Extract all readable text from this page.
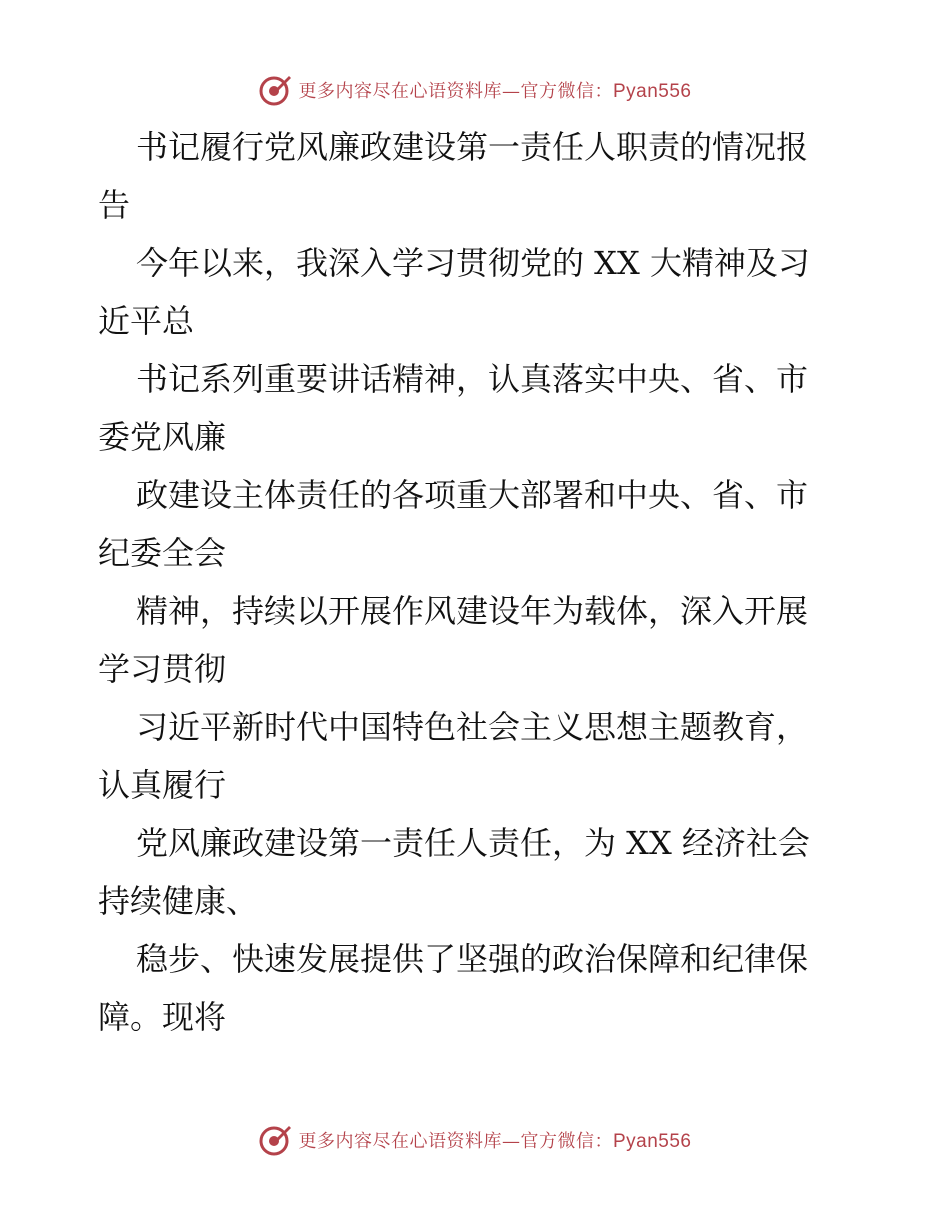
更多内容尽在心语资料库—官方微信：Pyan556
书记履行党风廉政建设第一责任人职责的情况报
告
今年以来，我深入学习贯彻党的 XX 大精神及习
近平总
书记系列重要讲话精神，认真落实中央、省、市
委党风廉
政建设主体责任的各项重大部署和中央、省、市
纪委全会
精神，持续以开展作风建设年为载体，深入开展
学习贯彻
习近平新时代中国特色社会主义思想主题教育，
认真履行
党风廉政建设第一责任人责任，为 XX 经济社会
持续健康、
稳步、快速发展提供了坚强的政治保障和纪律保
障。现将
更多内容尽在心语资料库—官方微信：Pyan556
